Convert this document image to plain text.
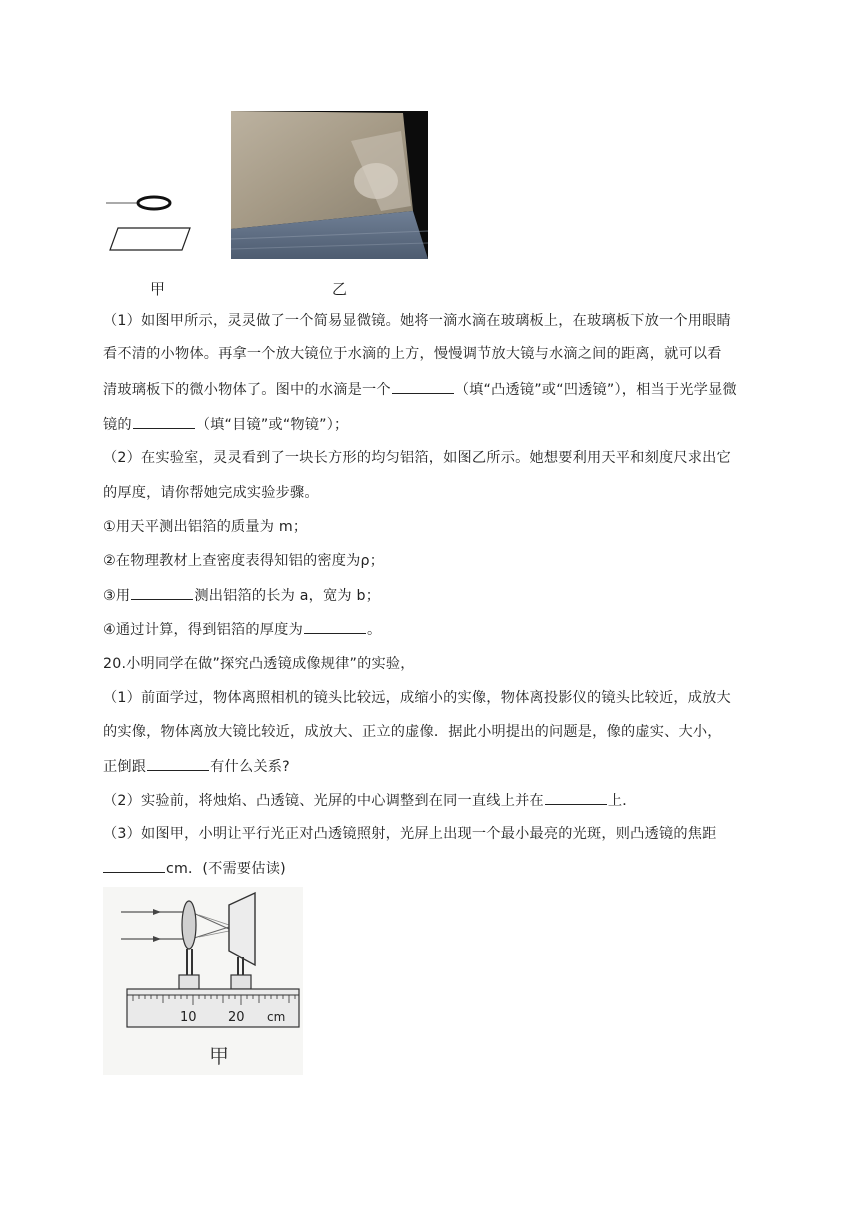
甲	乙
（1）如图甲所示，灵灵做了一个简易显微镜。她将一滴水滴在玻璃板上，在玻璃板下放一个用眼睛
看不清的小物体。再拿一个放大镜位于水滴的上方，慢慢调节放大镜与水滴之间的距离，就可以看
清玻璃板下的微小物体了。图中的水滴是一个	（填“凸透镜”或“凹透镜”），相当于光学显微
镜的	（填“目镜”或“物镜”）；
（2）在实验室，灵灵看到了一块长方形的均匀铝箔，如图乙所示。她想要利用天平和刻度尺求出它
的厚度，请你帮她完成实验步骤。
①用天平测出铝箔的质量为 m；
②在物理教材上查密度表得知铝的密度为ρ；
③用	测出铝箔的长为 a，宽为 b；
④通过计算，得到铝箔的厚度为	。
20.小明同学在做”探究凸透镜成像规律”的实验，
（1）前面学过，物体离照相机的镜头比较远，成缩小的实像，物体离投影仪的镜头比较近，成放大
的实像，物体离放大镜比较近，成放大、正立的虚像．据此小明提出的问题是，像的虚实、大小，
正倒跟	有什么关系?
（2）实验前，将烛焰、凸透镜、光屏的中心调整到在同一直线上并在	上．
（3）如图甲，小明让平行光正对凸透镜照射，光屏上出现一个最小最亮的光斑，则凸透镜的焦距
cm．(不需要估读)
10 20 cm
甲
